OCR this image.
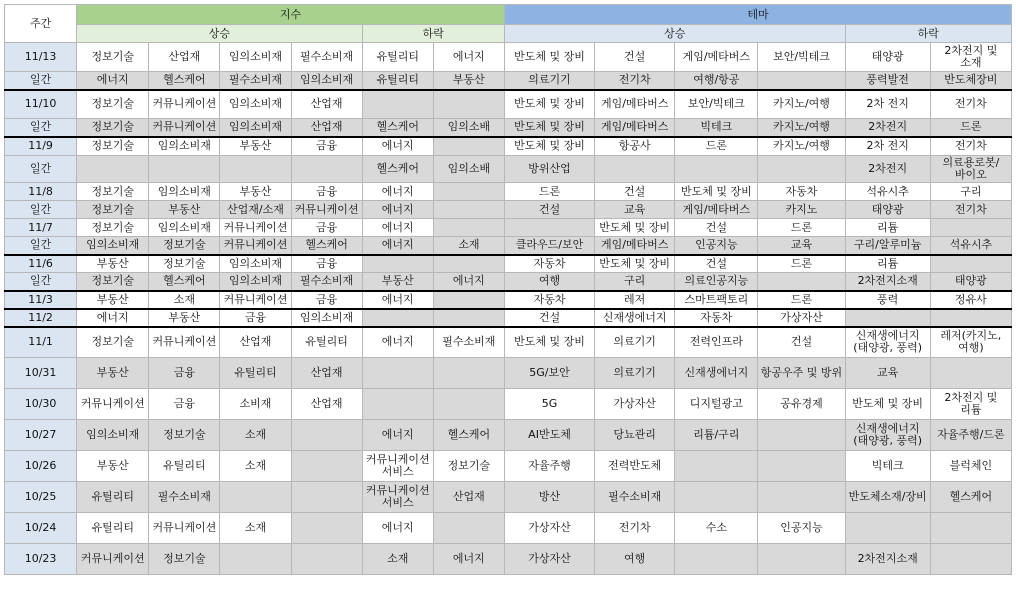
주간	지수						테마					
	상승				하락		상승				하락	
11/13	정보기술	산업재	임의소비재	필수소비재	유틸리티	에너지	반도체 및 장비	건설	게임/메타버스	보안/빅테크	태양광	2차전지 및 소재
일간	에너지	헬스케어	필수소비재	임의소비재	유틸리티	부동산	의료기기	전기차	여행/항공		풍력발전	반도체장비
11/10	정보기술	커뮤니케이션	임의소비재	산업재			반도체 및 장비	게임/메타버스	보안/빅테크	카지노/여행	2차 전지	전기차
일간	정보기술	커뮤니케이션	임의소비재	산업재	헬스케어	임의소배	반도체 및 장비	게임/메타버스	빅테크	카지노/여행	2차전지	드론
11/9	정보기술	임의소비재	부동산	금융	에너지		반도체 및 장비	항공사	드론	카지노/여행	2차 전지	전기차
일간					헬스케어	임의소배	방위산업				2차전지	의료용로봇/바이오
11/8	정보기술	임의소비재	부동산	금융	에너지		드론	건설	반도체 및 장비	자동차	석유시추	구리
일간	정보기술	부동산	산업재/소재	커뮤니케이션	에너지		건설	교육	게임/메타버스	카지노	태양광	전기차
11/7	정보기술	임의소비재	커뮤니케이션	금융	에너지			반도체 및 장비	건설	드론	리튬	
일간	임의소비재	정보기술	커뮤니케이션	헬스케어	에너지	소재	클라우드/보안	게임/메타버스	인공지능	교육	구리/알루미늄	석유시추
11/6	부동산	정보기술	임의소비재	금융			자동차	반도체 및 장비	건설	드론	리튬	
일간	정보기술	헬스케어	임의소비재	필수소비재	부동산	에너지	여행	구리	의료인공지능		2차전지소재	태양광
11/3	부동산	소재	커뮤니케이션	금융	에너지		자동차	레저	스마트팩토리	드론	풍력	정유사
11/2	에너지	부동산	금융	임의소비재			건설	신재생에너지	자동차	가상자산		
11/1	정보기술	커뮤니케이션	산업재	유틸리티	에너지	필수소비재	반도체 및 장비	의료기기	전력인프라	건설	신재생에너지 (태양광, 풍력)	레저(카지노, 여행)
10/31	부동산	금융	유틸리티	산업재			5G/보안	의료기기	신재생에너지	항공우주 및 방위	교육	
10/30	커뮤니케이션	금융	소비재	산업재			5G	가상자산	디지털광고	공유경제	반도체 및 장비	2차전지 및 리튬
10/27	임의소비재	정보기술	소재		에너지	헬스케어	AI반도체	당뇨관리	리튬/구리		신재생에너지 (태양광, 풍력)	자율주행/드론
10/26	부동산	유틸리티	소재		커뮤니케이션 서비스	정보기술	자율주행	전력반도체			빅테크	블럭체인
10/25	유틸리티	필수소비재			커뮤니케이션 서비스	산업재	방산	필수소비재			반도체소재/장비	헬스케어
10/24	유틸리티	커뮤니케이션	소재		에너지		가상자산	전기차	수소	인공지능		
10/23	커뮤니케이션	정보기술			소재	에너지	가상자산	여행			2차전지소재	
